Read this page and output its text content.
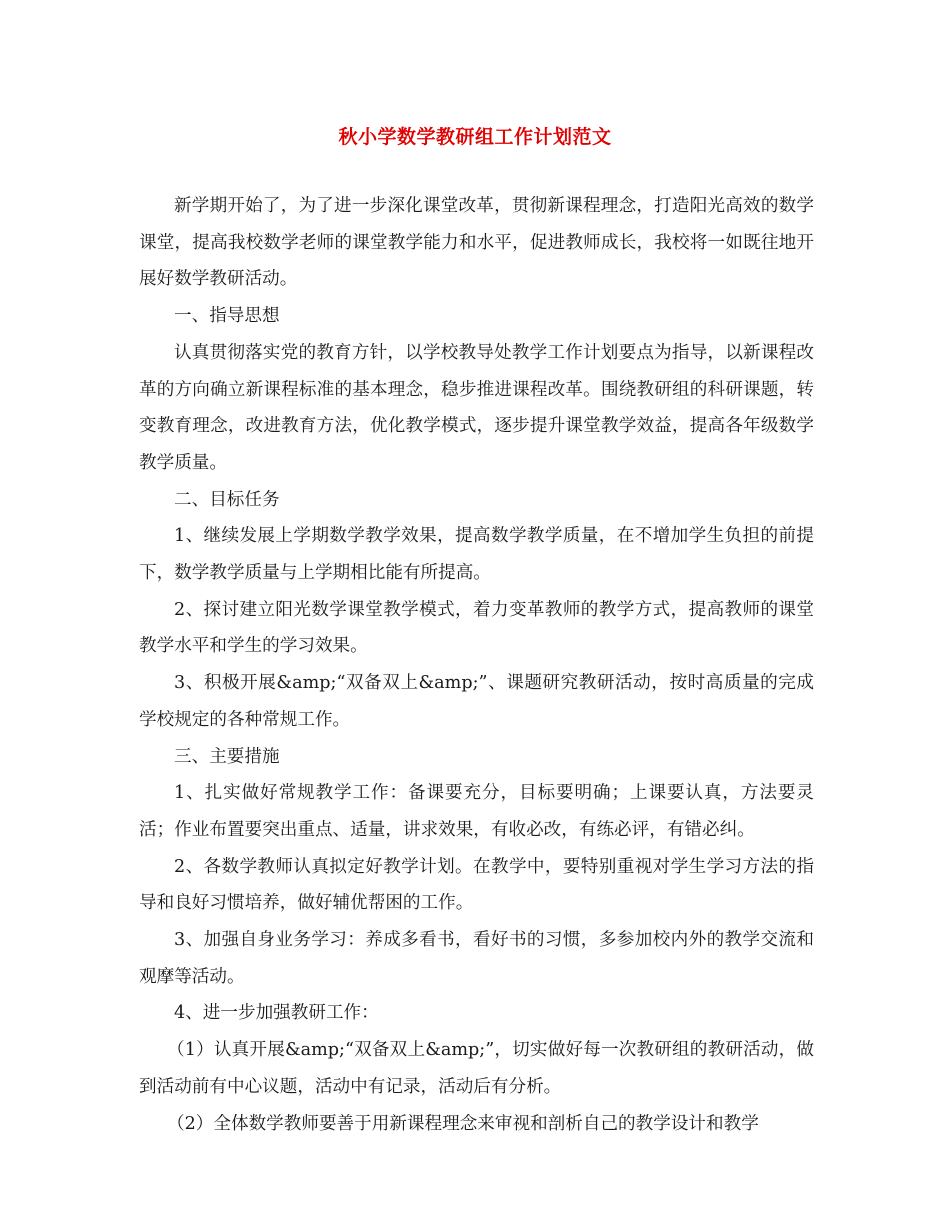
秋小学数学教研组工作计划范文

新学期开始了，为了进一步深化课堂改革，贯彻新课程理念，打造阳光高效的数学课堂，提高我校数学老师的课堂教学能力和水平，促进教师成长，我校将一如既往地开展好数学教研活动。

一、指导思想

认真贯彻落实党的教育方针，以学校教导处教学工作计划要点为指导，以新课程改革的方向确立新课程标准的基本理念，稳步推进课程改革。围绕教研组的科研课题，转变教育理念，改进教育方法，优化教学模式，逐步提升课堂教学效益，提高各年级数学教学质量。

二、目标任务

1、继续发展上学期数学教学效果，提高数学教学质量，在不增加学生负担的前提下，数学教学质量与上学期相比能有所提高。

2、探讨建立阳光数学课堂教学模式，着力变革教师的教学方式，提高教师的课堂教学水平和学生的学习效果。

3、积极开展&amp;“双备双上&amp;”、课题研究教研活动，按时高质量的完成学校规定的各种常规工作。

三、主要措施

1、扎实做好常规教学工作：备课要充分，目标要明确；上课要认真，方法要灵活；作业布置要突出重点、适量，讲求效果，有收必改，有练必评，有错必纠。

2、各数学教师认真拟定好教学计划。在教学中，要特别重视对学生学习方法的指导和良好习惯培养，做好辅优帮困的工作。

3、加强自身业务学习：养成多看书，看好书的习惯，多参加校内外的教学交流和观摩等活动。

4、进一步加强教研工作：

（1）认真开展&amp;“双备双上&amp;”，切实做好每一次教研组的教研活动，做到活动前有中心议题，活动中有记录，活动后有分析。

（2）全体数学教师要善于用新课程理念来审视和剖析自己的教学设计和教学
